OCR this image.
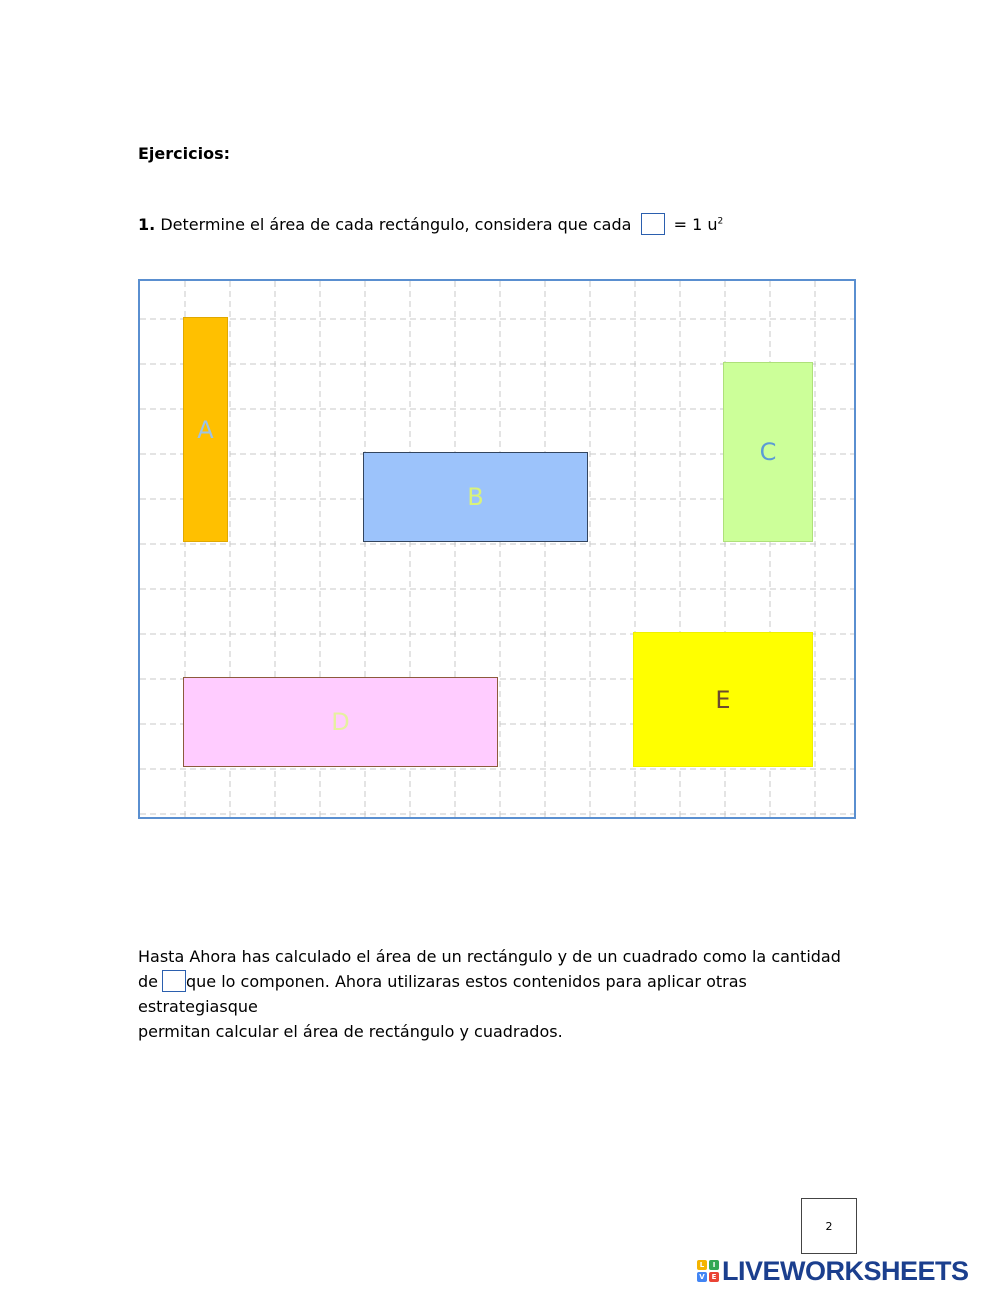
Ejercicios:
1. Determine el área de cada rectángulo, considera que cada	= 1 $u^2$
A
B
C
D
E
Hasta Ahora has calculado el área de un rectángulo y de un cuadrado como la cantidad
de que lo componen. Ahora utilizaras estos contenidos para aplicar otras estrategiasque
permitan calcular el área de rectángulo y cuadrados.
2
L	I
V E LIVEWORKSHEETS
